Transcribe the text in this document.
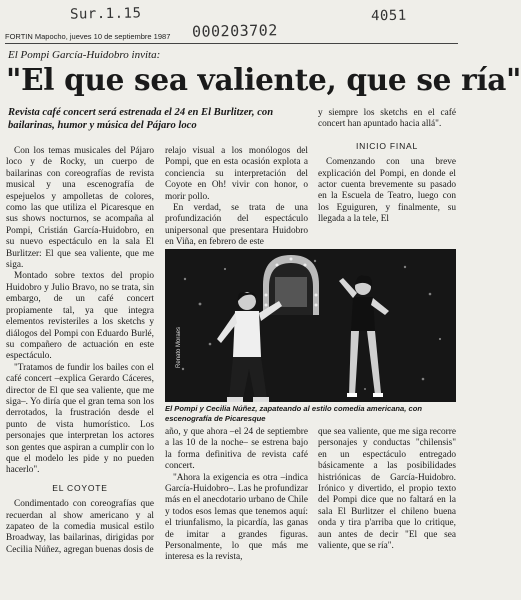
Sur.1.15
000203702
4051
FORTIN Mapocho, jueves 10 de septiembre 1987
El Pompi García-Huidobro invita:
"El que sea valiente, que se ría"
Revista café concert será estrenada el 24 en El Burlitzer, con bailarinas, humor y música del Pájaro loco

Con los temas musicales del Pájaro loco y de Rocky, un cuerpo de bailarinas con coreografías de revista musical y una escenografía de espejuelos y ampolletas de colores, como las que utiliza el Picaresque en sus shows nocturnos, se acompaña al Pompi, Cristián García-Huidobro, en su nuevo espectáculo en la sala El Burlitzer: El que sea valiente, que me siga.

Montado sobre textos del propio Huidobro y Julio Bravo, no se trata, sin embargo, de un café concert propiamente tal, ya que integra elementos revisteriles a los sketchs y diálogos del Pompi con Eduardo Burlé, su compañero de actuación en este espectáculo.

"Tratamos de fundir los bailes con el café concert –explica Gerardo Cáceres, director de El que sea valiente, que me siga–. Yo diría que el gran tema son los derrotados, la frustración desde el punto de vista humorístico. Los personajes que interpretan los actores son gentes que aspiran a cumplir con lo que el modelo les pide y no pueden hacerlo".

EL COYOTE

Condimentado con coreografías que recuerdan al show americano y al zapateo de la comedia musical estilo Broadway, las bailarinas, dirigidas por Cecilia Núñez, agregan buenas dosis de

relajo visual a los monólogos del Pompi, que en esta ocasión explota a conciencia su interpretación del Coyote en Oh! vivir con honor, o morir pollo.

En verdad, se trata de una profundización del espectáculo unipersonal que presentara Huidobro en Viña, en febrero de este

y siempre los sketchs en el café concert han apuntado hacia allá".

INICIO FINAL

Comenzando con una breve explicación del Pompi, en donde el actor cuenta brevemente su pasado en la Escuela de Teatro, luego con los Eguiguren, y finalmente, su llegada a la tele, El

Renato Moraes
El Pompi y Cecilia Núñez, zapateando al estilo comedia americana, con escenografía de Picaresque

año, y que ahora –el 24 de septiembre a las 10 de la noche– se estrena bajo la forma definitiva de revista café concert.

"Ahora la exigencia es otra –indica García-Huidobro–. Las he profundizar más en el anecdotario urbano de Chile y todos esos lemas que tenemos aquí: el triunfalismo, la picardía, las ganas de imitar a grandes figuras. Personalmente, lo que más me interesa es la revista,

que sea valiente, que me siga recorre personajes y conductas "chilensis" en un espectáculo entregado básicamente a las posibilidades histriónicas de García-Huidobro. Irónico y divertido, el propio texto del Pompi dice que no faltará en la sala El Burlitzer el chileno buena onda y tira p'arriba que lo critique, aun antes de decir "El que sea valiente, que se ría".
